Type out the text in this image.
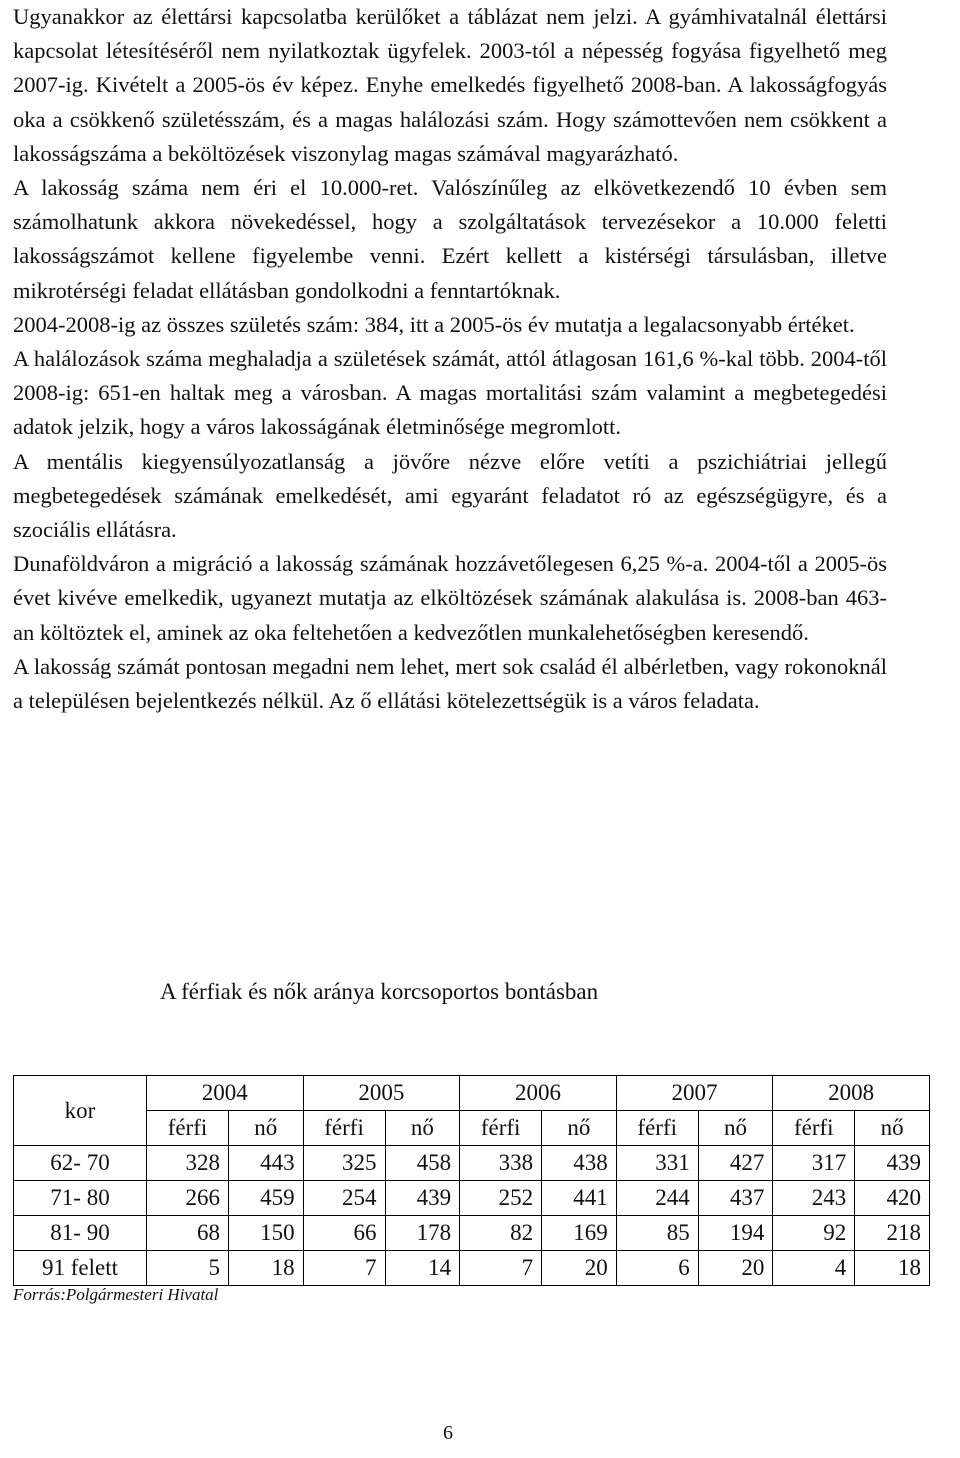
Ugyanakkor az élettársi kapcsolatba kerülőket a táblázat nem jelzi. A gyámhivatalnál élettársi kapcsolat létesítéséről nem nyilatkoztak ügyfelek. 2003-tól a népesség fogyása figyelhető meg 2007-ig. Kivételt a 2005-ös év képez. Enyhe emelkedés figyelhető 2008-ban. A lakosságfogyás oka a csökkenő születésszám, és a magas halálozási szám. Hogy számottevően nem csökkent a lakosságszáma a beköltözések viszonylag magas számával magyarázható.

A lakosság száma nem éri el 10.000-ret. Valószínűleg az elkövetkezendő 10 évben sem számolhatunk akkora növekedéssel, hogy a szolgáltatások tervezésekor a 10.000 feletti lakosságszámot kellene figyelembe venni. Ezért kellett a kistérségi társulásban, illetve mikrotérségi feladat ellátásban gondolkodni a fenntartóknak.

2004-2008-ig az összes születés szám: 384, itt a 2005-ös év mutatja a legalacsonyabb értéket.

A halálozások száma meghaladja a születések számát, attól átlagosan 161,6 %-kal több. 2004-től 2008-ig: 651-en haltak meg a városban. A magas mortalitási szám valamint a megbetegedési adatok jelzik, hogy a város lakosságának életminősége megromlott.

A mentális kiegyensúlyozatlanság a jövőre nézve előre vetíti a pszichiátriai jellegű megbetegedések számának emelkedését, ami egyaránt feladatot ró az egészségügyre, és a szociális ellátásra.

Dunaföldváron a migráció a lakosság számának hozzávetőlegesen 6,25 %-a. 2004-től a 2005-ös évet kivéve emelkedik, ugyanezt mutatja az elköltözések számának alakulása is. 2008-ban 463-an költöztek el, aminek az oka feltehetően a kedvezőtlen munkalehetőségben keresendő.

A lakosság számát pontosan megadni nem lehet, mert sok család él albérletben, vagy rokonoknál a településen bejelentkezés nélkül. Az ő ellátási kötelezettségük is a város feladata.

A férfiak és nők aránya korcsoportos bontásban
kor	2004		2005		2006		2007		2008	
	férfi	nő	férfi	nő	férfi	nő	férfi	nő	férfi	nő
62- 70	328	443	325	458	338	438	331	427	317	439
71- 80	266	459	254	439	252	441	244	437	243	420
81- 90	68	150	66	178	82	169	85	194	92	218
91 felett	5	18	7	14	7	20	6	20	4	18
Forrás:Polgármesteri Hivatal
6
